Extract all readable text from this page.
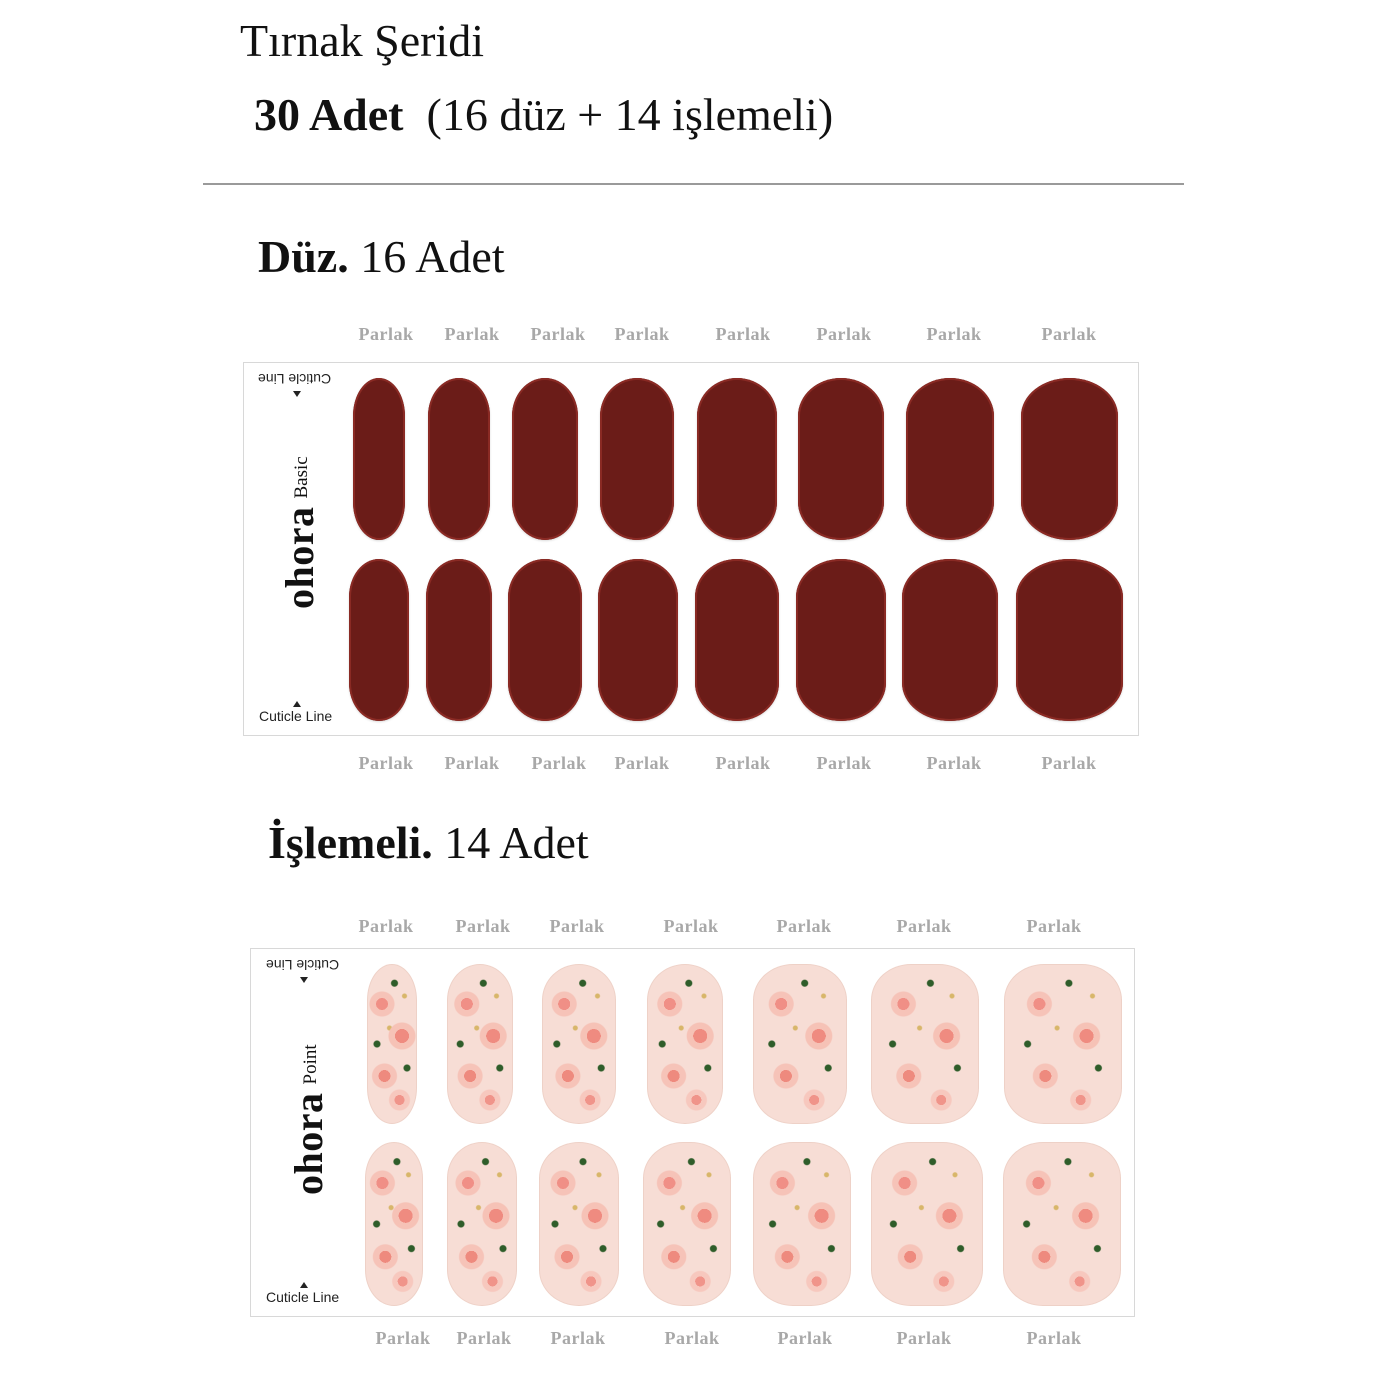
Tırnak Şeridi
30 Adet (16 düz + 14 işlemeli)
Düz. 16 Adet
Parlak Parlak Parlak Parlak	Parlak	Parlak	Parlak	Parlak
Cuticle Line
ohoraBasic
Cuticle Line
Parlak Parlak Parlak Parlak	Parlak	Parlak	Parlak	Parlak
İşlemeli. 14 Adet
Parlak Parlak Parlak	Parlak	Parlak	Parlak	Parlak
Cuticle Line
ohoraPoint
Cuticle Line
Parlak Parlak Parlak	Parlak	Parlak	Parlak	Parlak
